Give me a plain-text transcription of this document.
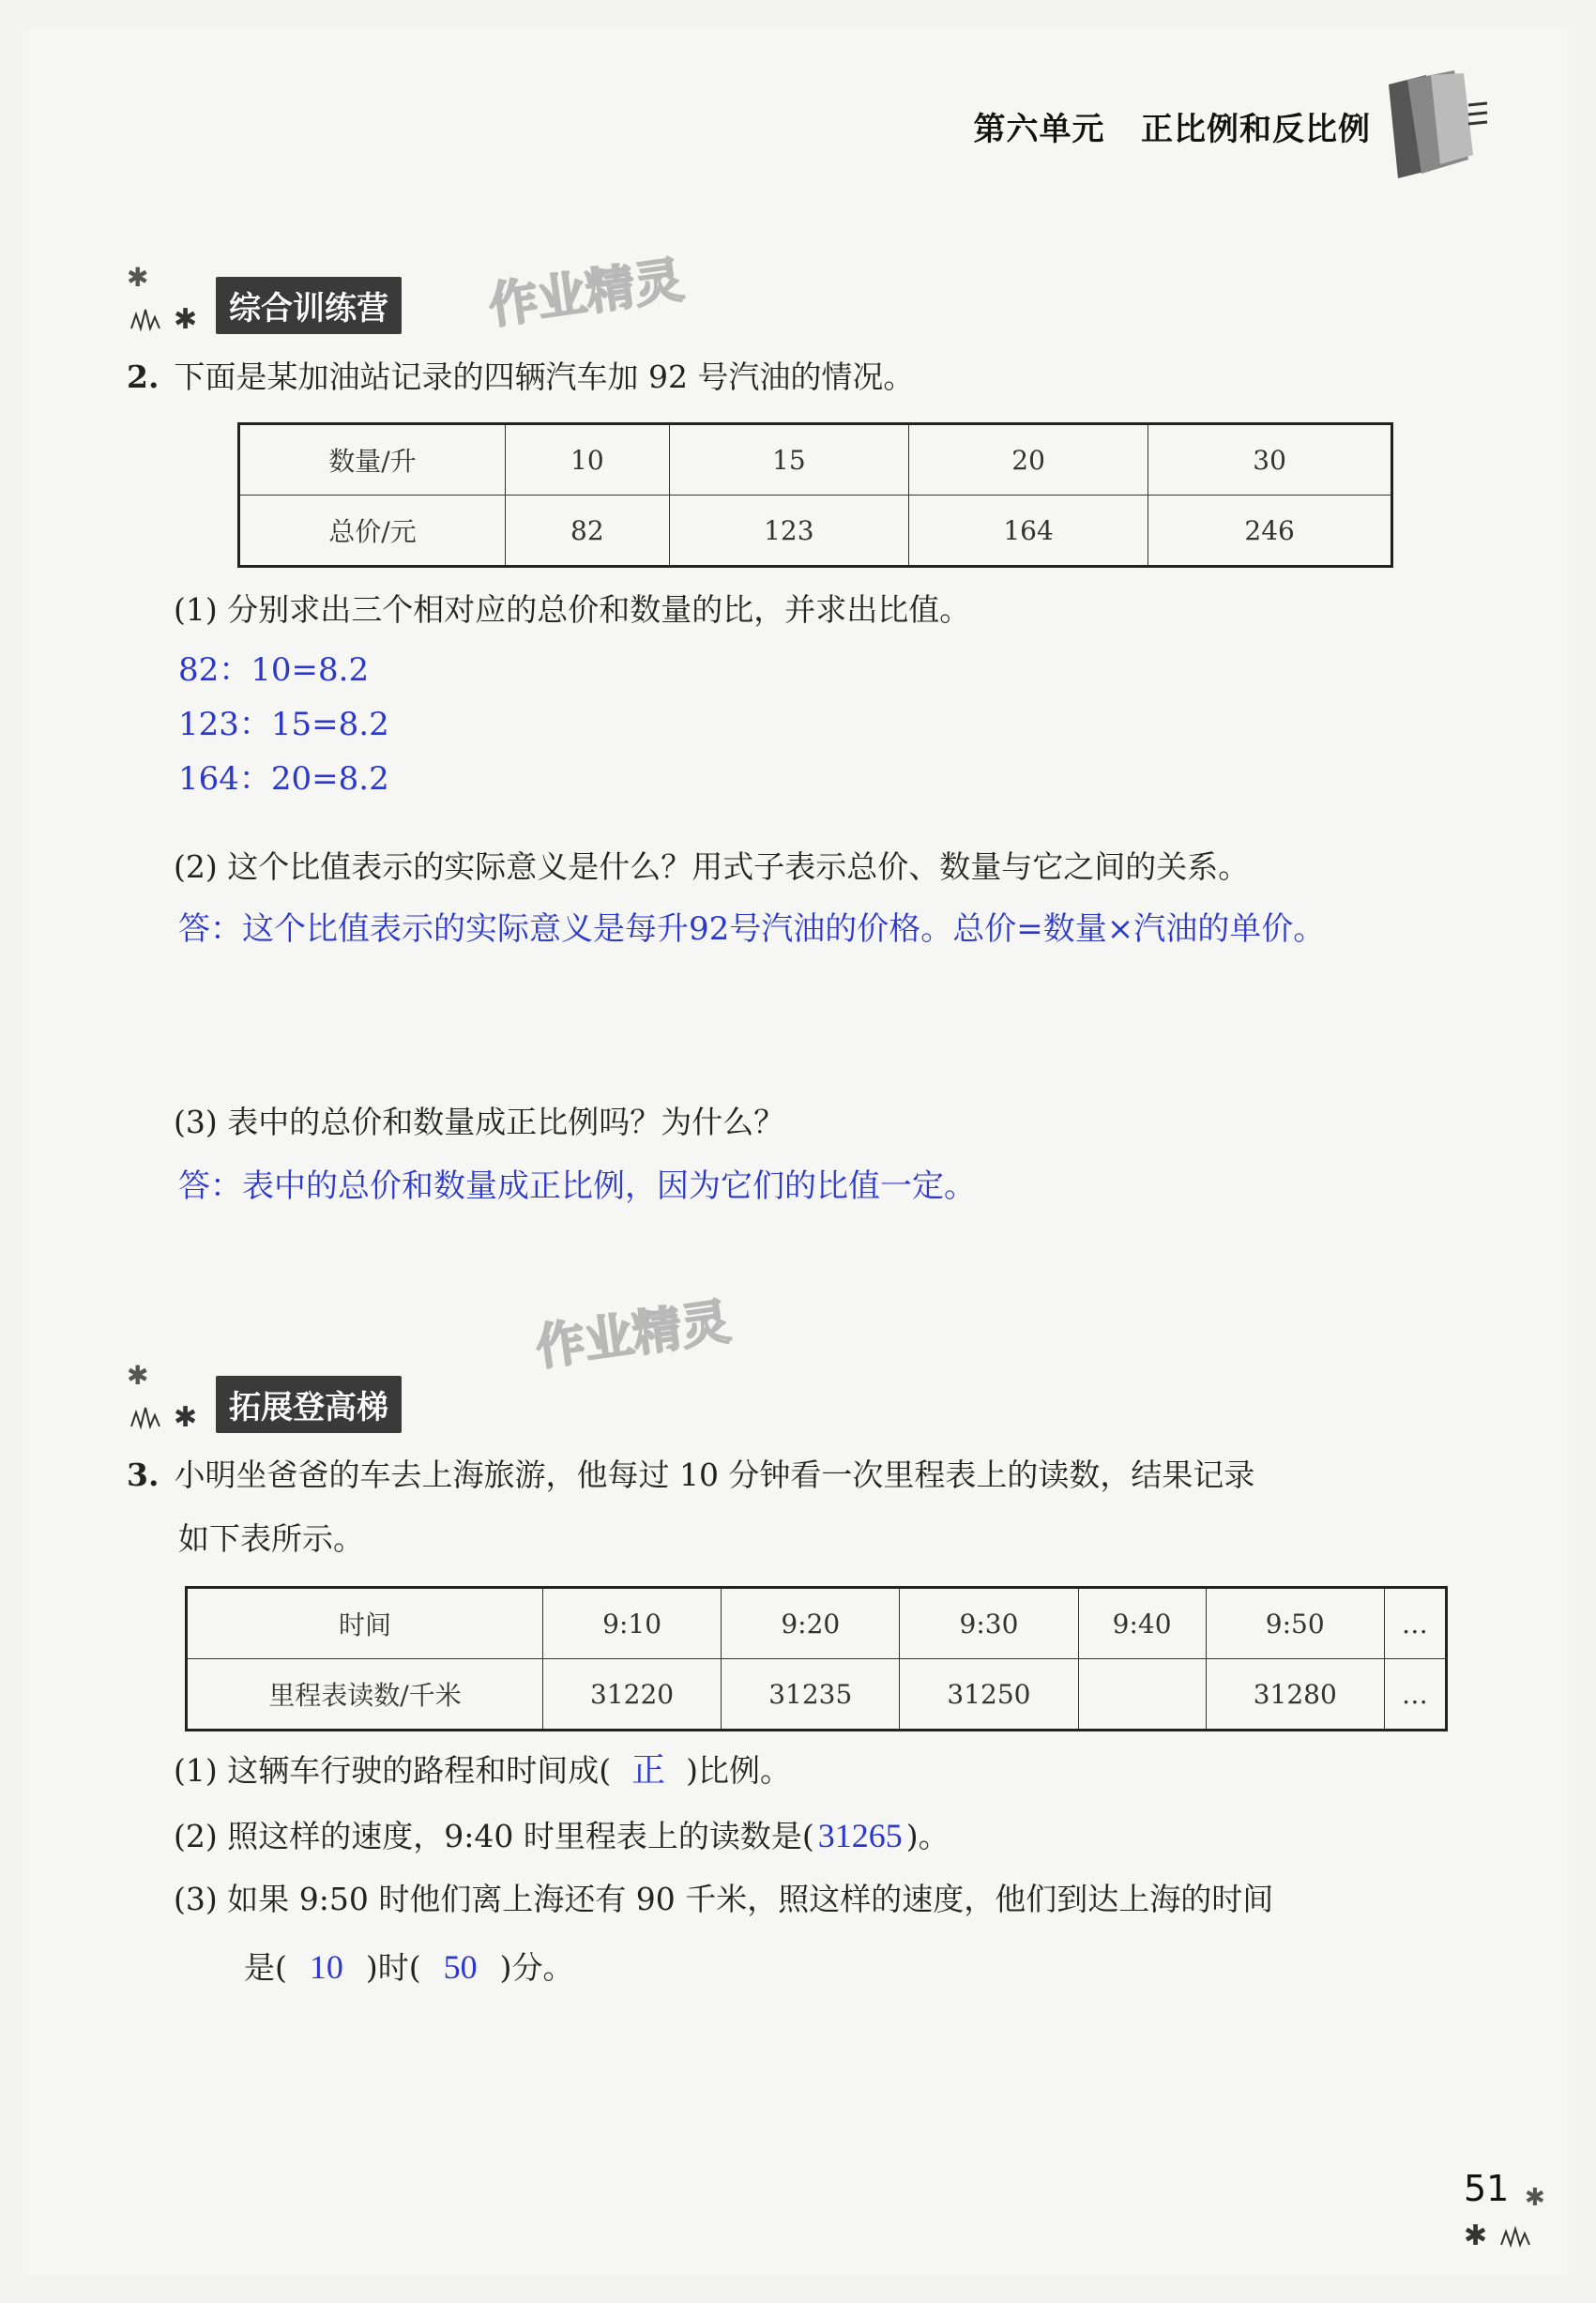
第六单元 正比例和反比例
✱
✱ 综合训练营 作业精灵
2. 下面是某加油站记录的四辆汽车加 92 号汽油的情况。
数量/升	10	15	20	30
总价/元	82	123	164	246
(1) 分别求出三个相对应的总价和数量的比，并求出比值。
82：10=8.2
123：15=8.2
164：20=8.2
(2) 这个比值表示的实际意义是什么？用式子表示总价、数量与它之间的关系。
答：这个比值表示的实际意义是每升92号汽油的价格。总价=数量×汽油的单价。
(3) 表中的总价和数量成正比例吗？为什么？
答：表中的总价和数量成正比例，因为它们的比值一定。
作业精灵
✱
✱ 拓展登高梯
3. 小明坐爸爸的车去上海旅游，他每过 10 分钟看一次里程表上的读数，结果记录
如下表所示。
时间	9:10	9:20	9:30	9:40	9:50	…
里程表读数/千米	31220	31235	31250		31280	…
(1) 这辆车行驶的路程和时间成( 正 )比例。
(2) 照这样的速度，9:40 时里程表上的读数是( 31265 )。
(3) 如果 9:50 时他们离上海还有 90 千米，照这样的速度，他们到达上海的时间
是( 10 )时( 50 )分。
51 ✱
✱
